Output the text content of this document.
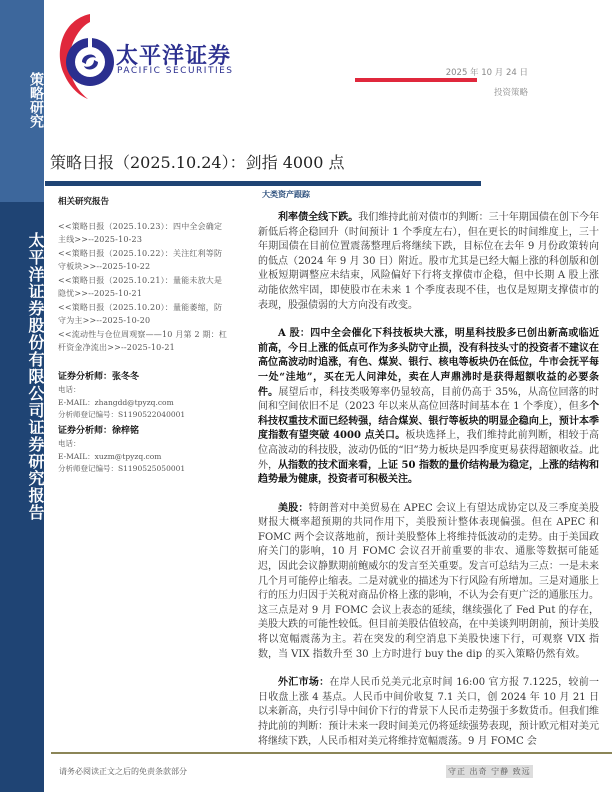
策略研究
太平洋证券股份有限公司证券研究报告
太平洋证券
PACIFIC SECURITIES	2025 年 10 月 24 日
投资策略
策略日报（2025.10.24）：剑指 4000 点
大类资产跟踪
相关研究报告
<<策略日报（2025.10.23）：四中全会确定主线>>--2025-10-23
<<策略日报（2025.10.22）：关注红利等防守板块>>--2025-10-22
<<策略日报（2025.10.21）：量能未放大是隐忧>>--2025-10-21
<<策略日报（2025.10.20）：量能萎缩，防守为主>>--2025-10-20
<<流动性与仓位周观察——10 月第 2 期：杠杆资金净流出>>--2025-10-21
证券分析师：张冬冬
电话：
E-MAIL：zhangdd@tpyzq.com
分析师登记编号：S1190522040001
证券分析师：徐梓铭
电话：
E-MAIL：xuzm@tpyzq.com
分析师登记编号：S1190525050001

利率债全线下跌。我们维持此前对债市的判断：三十年期国债在创下今年新低后将企稳回升（时间预计 1 个季度左右），但在更长的时间维度上，三十年期国债在目前位置震荡整理后将继续下跌，目标位在去年 9 月份政策转向的低点（2024 年 9 月 30 日）附近。股市尤其是已经大幅上涨的科创版和创业板短期调整应未结束，风险偏好下行将支撑债市企稳，但中长期 A 股上涨动能依然牢固，即使股市在未来 1 个季度表现不佳，也仅是短期支撑债市的表现，股强债弱的大方向没有改变。

A 股：四中全会催化下科技板块大涨，明星科技股多已创出新高或临近前高，今日上涨的低点可作为多头防守止损，没有科技头寸的投资者不建议在高位高波动时追涨，有色、煤炭、银行、核电等板块仍在低位，牛市会抚平每一处“洼地”，买在无人问津处，卖在人声鼎沸时是获得超额收益的必要条件。展望后市，科技类吸筹率仍显较高，目前仍高于 35%，从高位回落的时间和空间依旧不足（2023 年以来从高位回落时间基本在 1 个季度），但多个科技权重技术面已经转强，结合煤炭、银行等板块的明显企稳向上，预计本季度指数有望突破 4000 点关口。板块选择上，我们维持此前判断，相较于高位高波动的科技股，波动仍低的“旧”势力板块是四季度更易获得超额收益。此外，从指数的技术面来看，上证 50 指数的量价结构最为稳定，上涨的结构和趋势最为健康，投资者可积极关注。

美股：特朗普对中美贸易在 APEC 会议上有望达成协定以及三季度美股财报大概率超预期的共同作用下，美股预计整体表现偏强。但在 APEC 和 FOMC 两个会议落地前，预计美股整体上将维持低波动的走势。由于美国政府关门的影响，10 月 FOMC 会议召开前重要的非农、通胀等数据可能延迟，因此会议静默期前鲍威尔的发言至关重要。发言可总结为三点：一是未来几个月可能停止缩表。二是对就业的描述为下行风险有所增加。三是对通胀上行的压力归因于关税对商品价格上涨的影响，不认为会有更广泛的通胀压力。这三点是对 9 月 FOMC 会议上表态的延续，继续强化了 Fed Put 的存在，美股大跌的可能性较低。但目前美股估值较高，在中美谈判明朗前，预计美股将以宽幅震荡为主。若在突发的利空消息下美股快速下行，可观察 VIX 指数，当 VIX 指数升至 30 上方时进行 buy the dip 的买入策略仍然有效。

外汇市场：在岸人民币兑美元北京时间 16:00 官方报 7.1225，较前一日收盘上涨 4 基点。人民币中间价收复 7.1 关口，创 2024 年 10 月 21 日以来新高，央行引导中间价下行的背景下人民币走势强于多数货币。但我们维持此前的判断：预计未来一段时间美元仍将延续强势表现，预计欧元相对美元将继续下跌，人民币相对美元将维持宽幅震荡。9 月 FOMC 会

请务必阅读正文之后的免责条款部分	守正 出奇 宁静 致远
